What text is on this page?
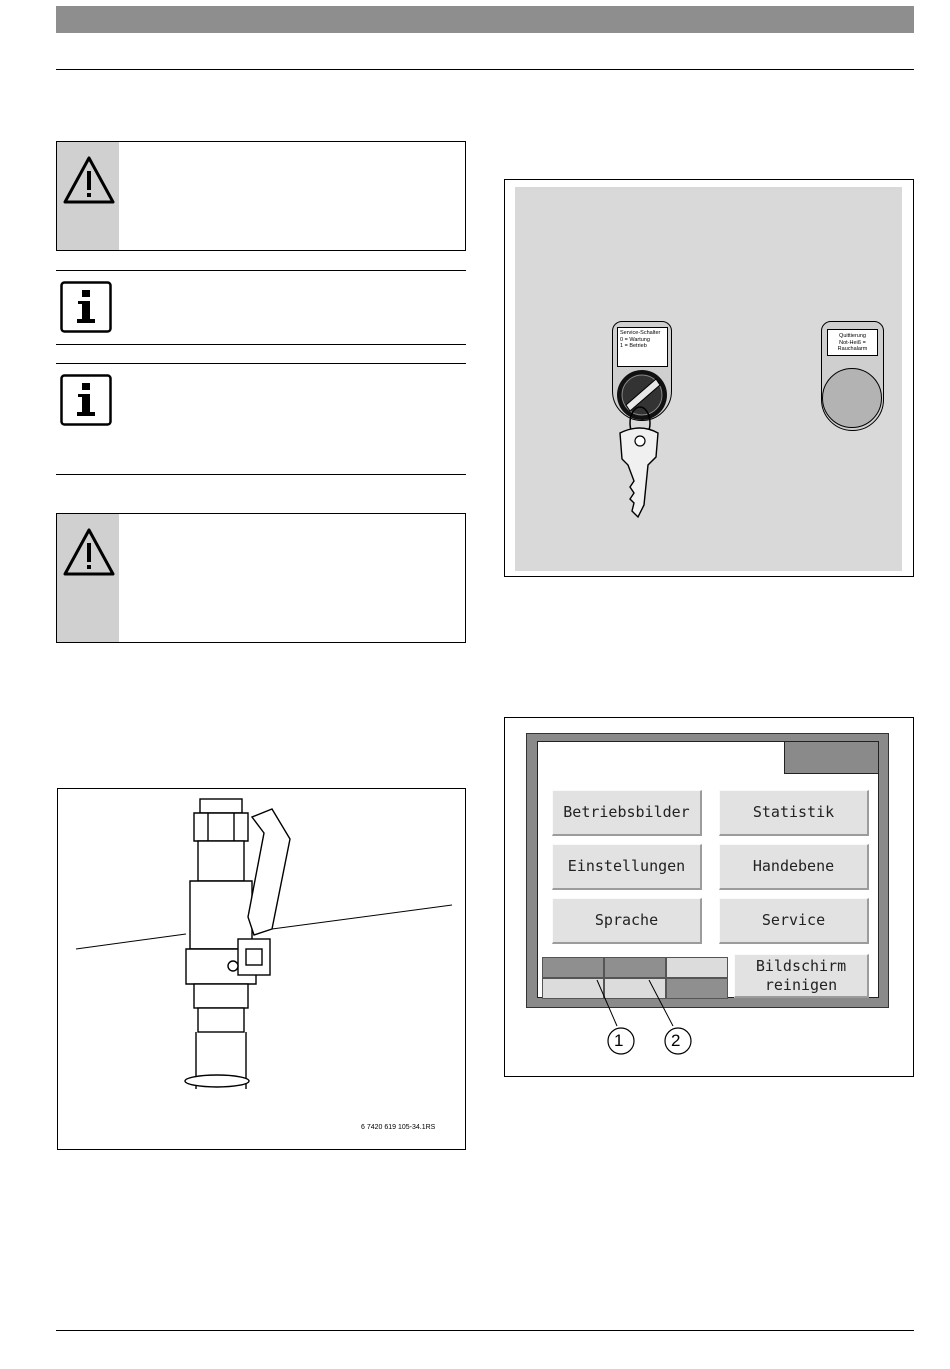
6 7420 619 105-34.1RS
Service-Schalter
0 = Wartung
1 = Betrieb
Quittierung
Not-Heiß = Rauchalarm
Betriebsbilder	Statistik
Einstellungen	Handebene
Sprache	Service
Bildschirm
reinigen
1	2
